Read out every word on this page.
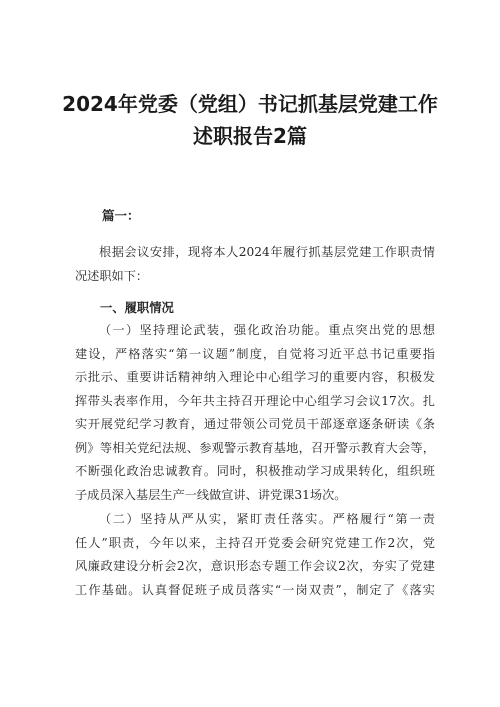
2024年党委（党组）书记抓基层党建工作
述职报告2篇
篇一：
根据会议安排，现将本人2024年履行抓基层党建工作职责情
况述职如下：
一、履职情况
（一）坚持理论武装，强化政治功能。重点突出党的思想
建设，严格落实“第一议题”制度，自觉将习近平总书记重要指
示批示、重要讲话精神纳入理论中心组学习的重要内容，积极发
挥带头表率作用，今年共主持召开理论中心组学习会议17次。扎
实开展党纪学习教育，通过带领公司党员干部逐章逐条研读《条
例》等相关党纪法规、参观警示教育基地，召开警示教育大会等，
不断强化政治忠诚教育。同时，积极推动学习成果转化，组织班
子成员深入基层生产一线做宣讲、讲党课31场次。
（二）坚持从严从实，紧盯责任落实。严格履行“第一责
任人”职责，今年以来，主持召开党委会研究党建工作2次，党
风廉政建设分析会2次，意识形态专题工作会议2次，夯实了党建
工作基础。认真督促班子成员落实“一岗双责”，制定了《落实
